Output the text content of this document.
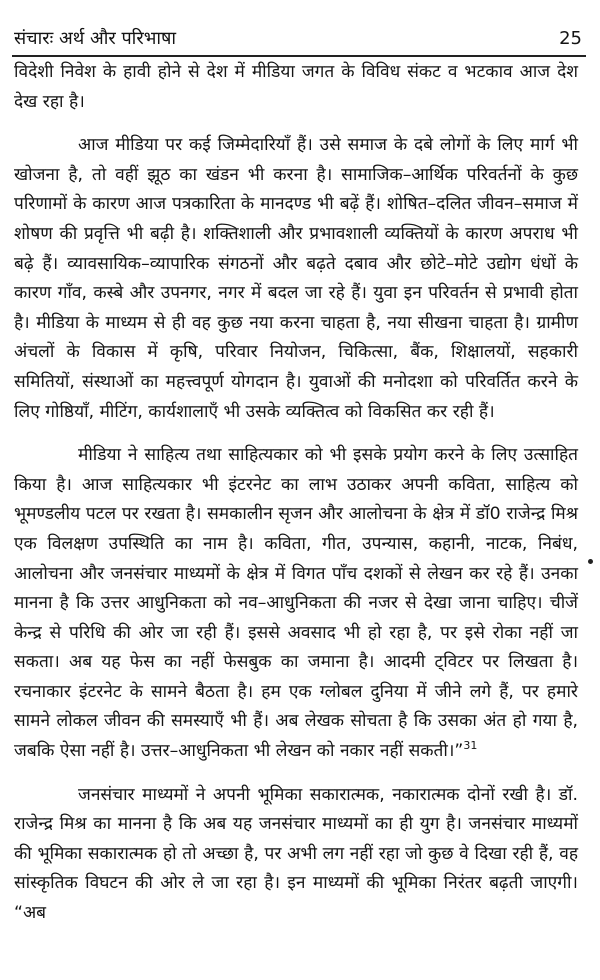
संचारः अर्थ और परिभाषा	25

विदेशी निवेश के हावी होने से देश में मीडिया जगत के विविध संकट व भटकाव आज देश देख रहा है।

आज मीडिया पर कई जिम्मेदारियाँ हैं। उसे समाज के दबे लोगों के लिए मार्ग भी खोजना है, तो वहीं झूठ का खंडन भी करना है। सामाजिक–आर्थिक परिवर्तनों के कुछ परिणामों के कारण आज पत्रकारिता के मानदण्ड भी बढ़ें हैं। शोषित–दलित जीवन–समाज में शोषण की प्रवृत्ति भी बढ़ी है। शक्तिशाली और प्रभावशाली व्यक्तियों के कारण अपराध भी बढ़े हैं। व्यावसायिक–व्यापारिक संगठनों और बढ़ते दबाव और छोटे–मोटे उद्योग धंधों के कारण गाँव, कस्बे और उपनगर, नगर में बदल जा रहे हैं। युवा इन परिवर्तन से प्रभावी होता है। मीडिया के माध्यम से ही वह कुछ नया करना चाहता है, नया सीखना चाहता है। ग्रामीण अंचलों के विकास में कृषि, परिवार नियोजन, चिकित्सा, बैंक, शिक्षालयों, सहकारी समितियों, संस्थाओं का महत्त्वपूर्ण योगदान है। युवाओं की मनोदशा को परिवर्तित करने के लिए गोष्ठियाँ, मीटिंग, कार्यशालाएँ भी उसके व्यक्तित्व को विकसित कर रही हैं।

मीडिया ने साहित्य तथा साहित्यकार को भी इसके प्रयोग करने के लिए उत्साहित किया है। आज साहित्यकार भी इंटरनेट का लाभ उठाकर अपनी कविता, साहित्य को भूमण्डलीय पटल पर रखता है। समकालीन सृजन और आलोचना के क्षेत्र में डॉ0 राजेन्द्र मिश्र एक विलक्षण उपस्थिति का नाम है। कविता, गीत, उपन्यास, कहानी, नाटक, निबंध, आलोचना और जनसंचार माध्यमों के क्षेत्र में विगत पाँच दशकों से लेखन कर रहे हैं। उनका मानना है कि उत्तर आधुनिकता को नव–आधुनिकता की नजर से देखा जाना चाहिए। चीजें केन्द्र से परिधि की ओर जा रही हैं। इससे अवसाद भी हो रहा है, पर इसे रोका नहीं जा सकता। अब यह फेस का नहीं फेसबुक का जमाना है। आदमी ट्विटर पर लिखता है। रचनाकार इंटरनेट के सामने बैठता है। हम एक ग्लोबल दुनिया में जीने लगे हैं, पर हमारे सामने लोकल जीवन की समस्याएँ भी हैं। अब लेखक सोचता है कि उसका अंत हो गया है, जबकि ऐसा नहीं है। उत्तर–आधुनिकता भी लेखन को नकार नहीं सकती।”$^{31}$

जनसंचार माध्यमों ने अपनी भूमिका सकारात्मक, नकारात्मक दोनों रखी है। डॉ. राजेन्द्र मिश्र का मानना है कि अब यह जनसंचार माध्यमों का ही युग है। जनसंचार माध्यमों की भूमिका सकारात्मक हो तो अच्छा है, पर अभी लग नहीं रहा जो कुछ वे दिखा रही हैं, वह सांस्कृतिक विघटन की ओर ले जा रहा है। इन माध्यमों की भूमिका निरंतर बढ़ती जाएगी। “अब
